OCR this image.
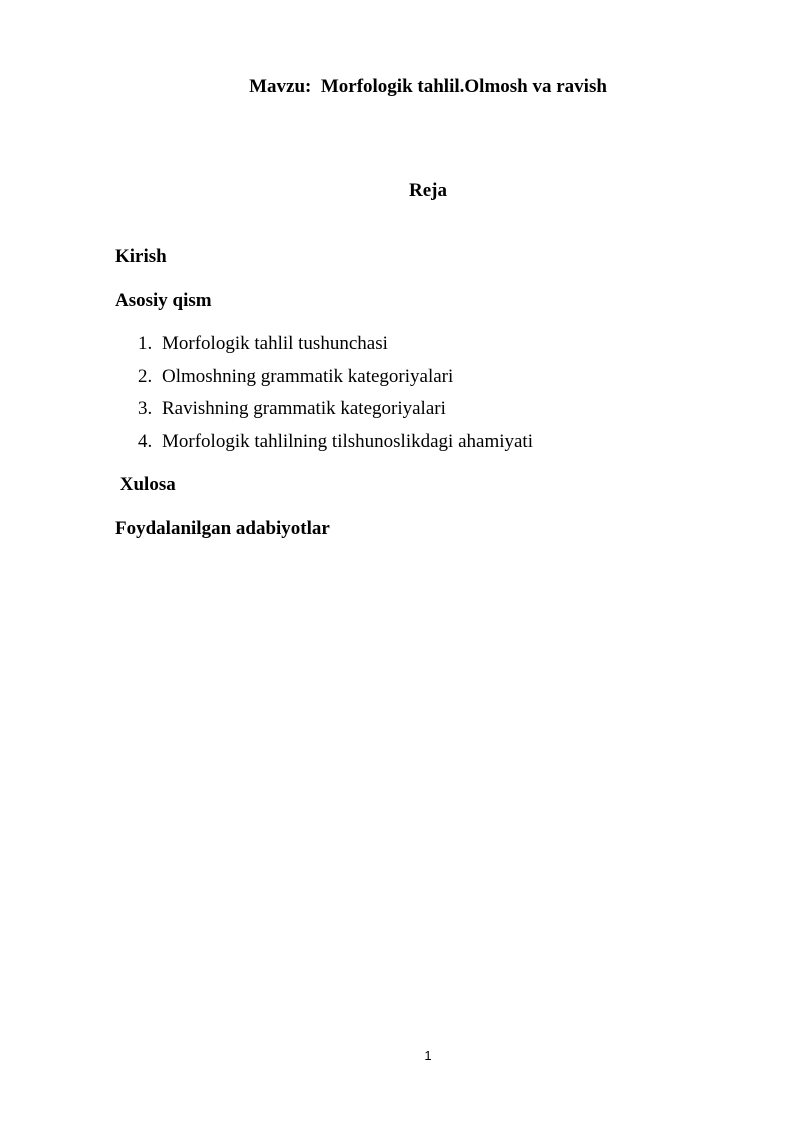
Mavzu:  Morfologik tahlil.Olmosh va ravish
Reja
Kirish
Asosiy qism
1. Morfologik tahlil tushunchasi
2. Olmoshning grammatik kategoriyalari
3. Ravishning grammatik kategoriyalari
4. Morfologik tahlilning tilshunoslikdagi ahamiyati
Xulosa
Foydalanilgan adabiyotlar
1
